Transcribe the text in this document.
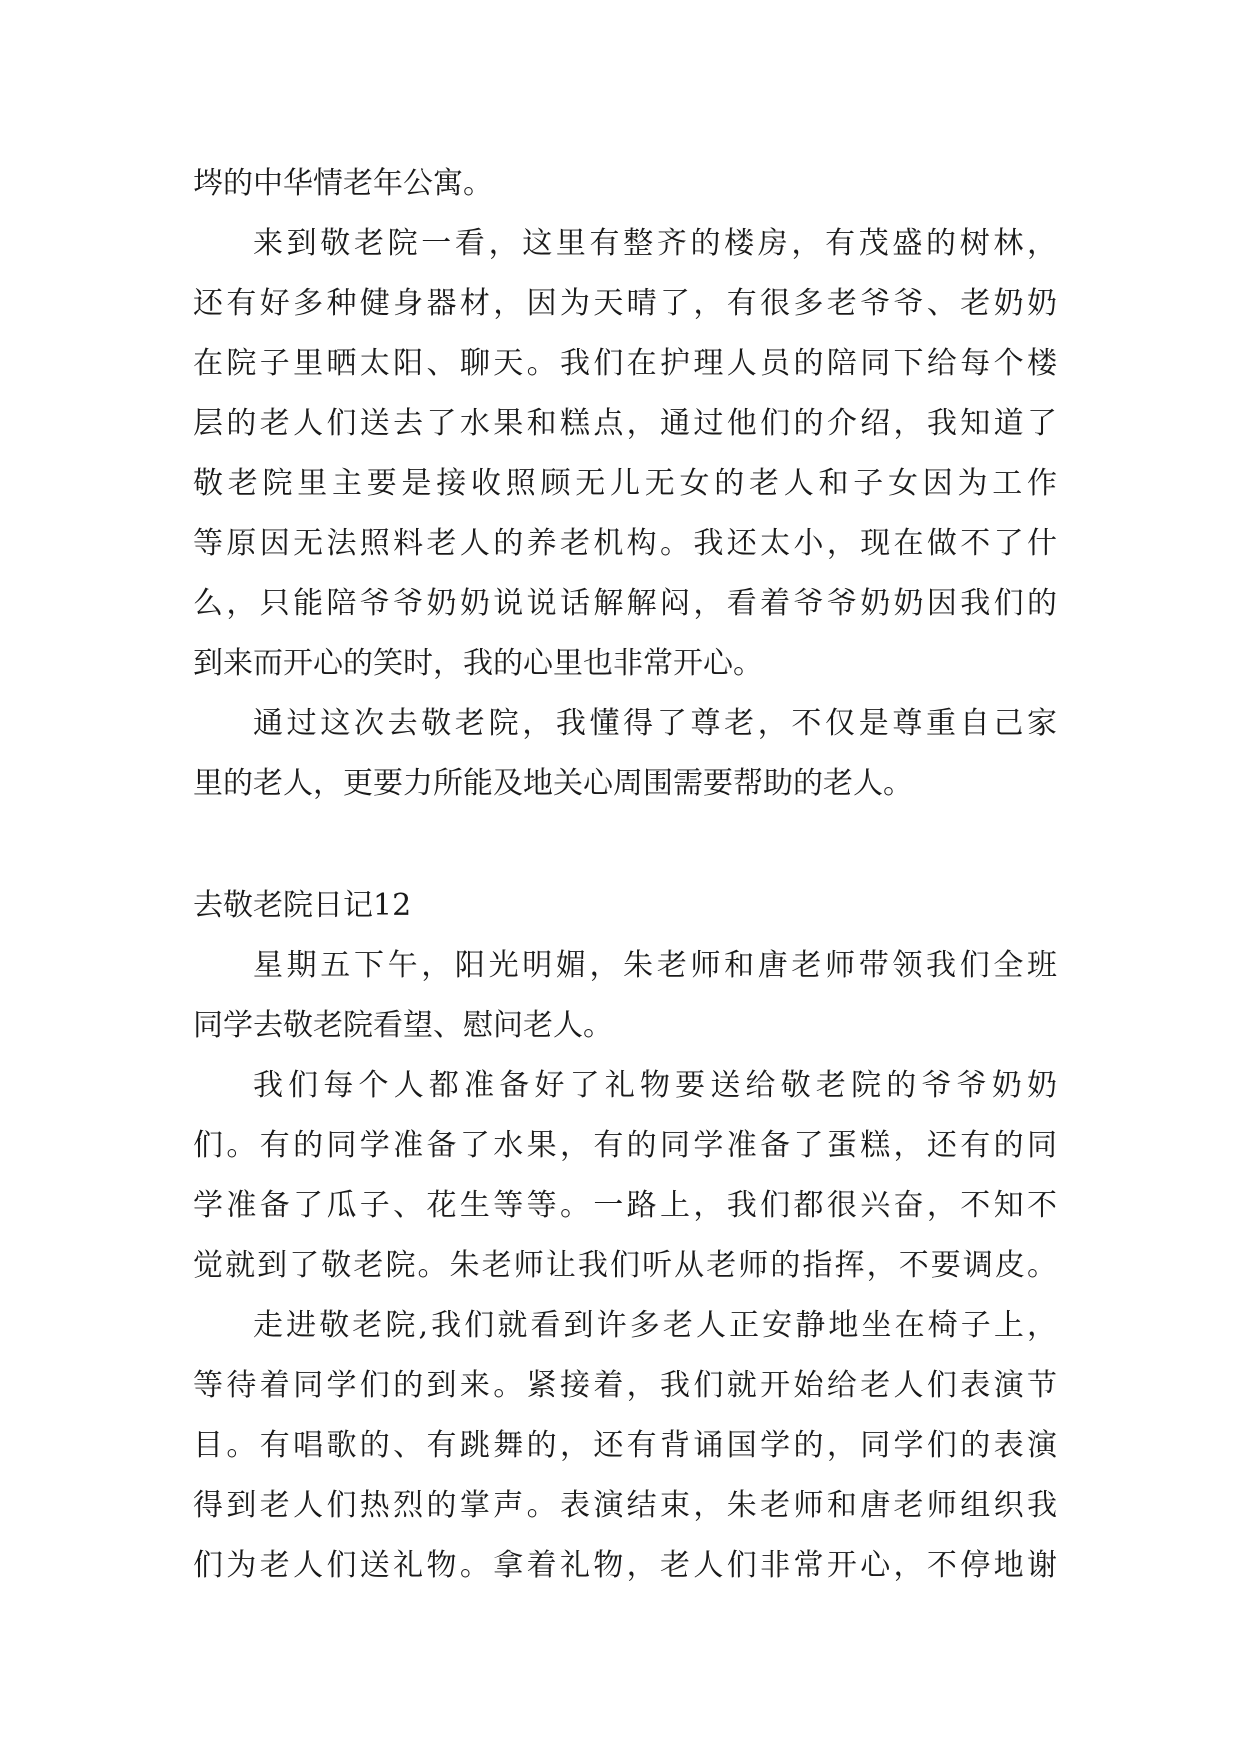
埁的中华情老年公寓。

来到敬老院一看，这里有整齐的楼房，有茂盛的树林，
还有好多种健身器材，因为天晴了，有很多老爷爷、老奶奶
在院子里晒太阳、聊天。我们在护理人员的陪同下给每个楼
层的老人们送去了水果和糕点，通过他们的介绍，我知道了
敬老院里主要是接收照顾无儿无女的老人和子女因为工作
等原因无法照料老人的养老机构。我还太小，现在做不了什
么，只能陪爷爷奶奶说说话解解闷，看着爷爷奶奶因我们的
到来而开心的笑时，我的心里也非常开心。

通过这次去敬老院，我懂得了尊老，不仅是尊重自己家
里的老人，更要力所能及地关心周围需要帮助的老人。

去敬老院日记12

星期五下午，阳光明媚，朱老师和唐老师带领我们全班
同学去敬老院看望、慰问老人。

我们每个人都准备好了礼物要送给敬老院的爷爷奶奶
们。有的同学准备了水果，有的同学准备了蛋糕，还有的同
学准备了瓜子、花生等等。一路上，我们都很兴奋，不知不
觉就到了敬老院。朱老师让我们听从老师的指挥，不要调皮。

走进敬老院,我们就看到许多老人正安静地坐在椅子上，
等待着同学们的到来。紧接着，我们就开始给老人们表演节
目。有唱歌的、有跳舞的，还有背诵国学的，同学们的表演
得到老人们热烈的掌声。表演结束，朱老师和唐老师组织我
们为老人们送礼物。拿着礼物，老人们非常开心，不停地谢
